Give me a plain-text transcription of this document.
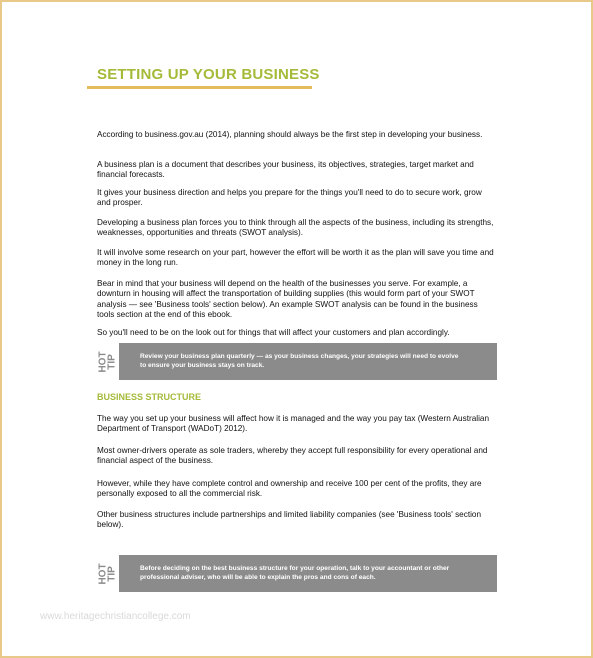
SETTING UP YOUR BUSINESS
According to business.gov.au (2014), planning should always be the first step in developing your business.
A business plan is a document that describes your business, its objectives, strategies, target market and financial forecasts.
It gives your business direction and helps you prepare for the things you'll need to do to secure work, grow and prosper.
Developing a business plan forces you to think through all the aspects of the business, including its strengths, weaknesses, opportunities and threats (SWOT analysis).
It will involve some research on your part, however the effort will be worth it as the plan will save you time and money in the long run.
Bear in mind that your business will depend on the health of the businesses you serve. For example, a downturn in housing will affect the transportation of building supplies (this would form part of your SWOT analysis — see 'Business tools' section below). An example SWOT analysis can be found in the business tools section at the end of this ebook.
So you'll need to be on the look out for things that will affect your customers and plan accordingly.
HOT
TIP	Review your business plan quarterly — as your business changes, your strategies will need to evolve to ensure your business stays on track.
BUSINESS STRUCTURE
The way you set up your business will affect how it is managed and the way you pay tax (Western Australian Department of Transport (WADoT) 2012).
Most owner-drivers operate as sole traders, whereby they accept full responsibility for every operational and financial aspect of the business.
However, while they have complete control and ownership and receive 100 per cent of the profits, they are personally exposed to all the commercial risk.
Other business structures include partnerships and limited liability companies (see 'Business tools' section below).
HOT
TIP	Before deciding on the best business structure for your operation, talk to your accountant or other professional adviser, who will be able to explain the pros and cons of each.
www.heritagechristiancollege.com
